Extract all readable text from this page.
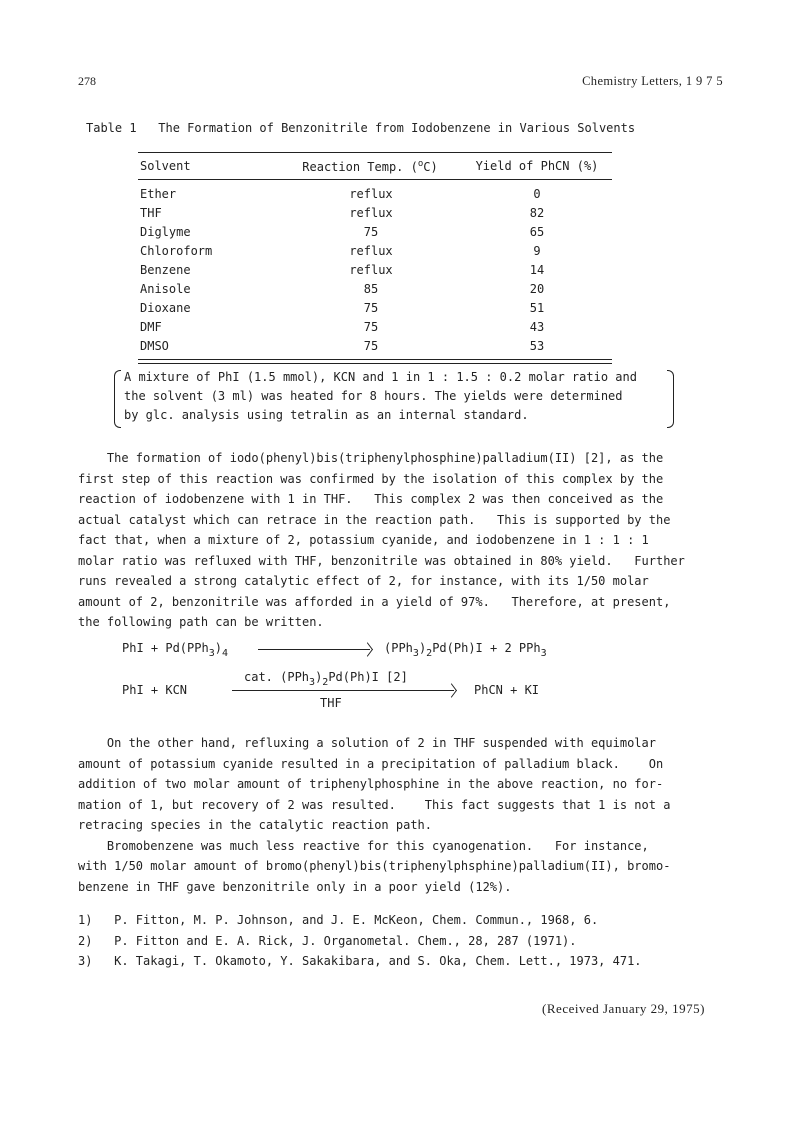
278	Chemistry Letters, 1 9 7 5
Table 1   The Formation of Benzonitrile from Iodobenzene in Various Solvents
Solvent	Reaction Temp. ($^o$C)	Yield of PhCN (%)
Ether	reflux	0
THF	reflux	82
Diglyme	75	65
Chloroform	reflux	9
Benzene	reflux	14
Anisole	85	20
Dioxane	75	51
DMF	75	43
DMSO	75	53
A mixture of PhI (1.5 mmol), KCN and 1 in 1 : 1.5 : 0.2 molar ratio and
the solvent (3 ml) was heated for 8 hours. The yields were determined
by glc. analysis using tetralin as an internal standard.
The formation of iodo(phenyl)bis(triphenylphosphine)palladium(II) [2], as the
first step of this reaction was confirmed by the isolation of this complex by the
reaction of iodobenzene with 1 in THF.   This complex 2 was then conceived as the
actual catalyst which can retrace in the reaction path.   This is supported by the
fact that, when a mixture of 2, potassium cyanide, and iodobenzene in 1 : 1 : 1
molar ratio was refluxed with THF, benzonitrile was obtained in 80% yield.   Further
runs revealed a strong catalytic effect of 2, for instance, with its 1/50 molar
amount of 2, benzonitrile was afforded in a yield of 97%.   Therefore, at present,
the following path can be written.
PhI + $Pd(PPh_3)_4$	$(PPh_3)_2Pd(Ph)I + 2$ PPh$_3$
cat. $(PPh_3)_2Pd(Ph)I$ [2]
PhI + KCN
THF
PhCN + KI
On the other hand, refluxing a solution of 2 in THF suspended with equimolar
amount of potassium cyanide resulted in a precipitation of palladium black.    On
addition of two molar amount of triphenylphosphine in the above reaction, no for-
mation of 1, but recovery of 2 was resulted.    This fact suggests that 1 is not a
retracing species in the catalytic reaction path.
Bromobenzene was much less reactive for this cyanogenation.   For instance,
with 1/50 molar amount of bromo(phenyl)bis(triphenylphsphine)palladium(II), bromo-
benzene in THF gave benzonitrile only in a poor yield (12%).
1)   P. Fitton, M. P. Johnson, and J. E. McKeon, Chem. Commun., 1968, 6.
2)   P. Fitton and E. A. Rick, J. Organometal. Chem., 28, 287 (1971).
3)   K. Takagi, T. Okamoto, Y. Sakakibara, and S. Oka, Chem. Lett., 1973, 471.
(Received January 29, 1975)
